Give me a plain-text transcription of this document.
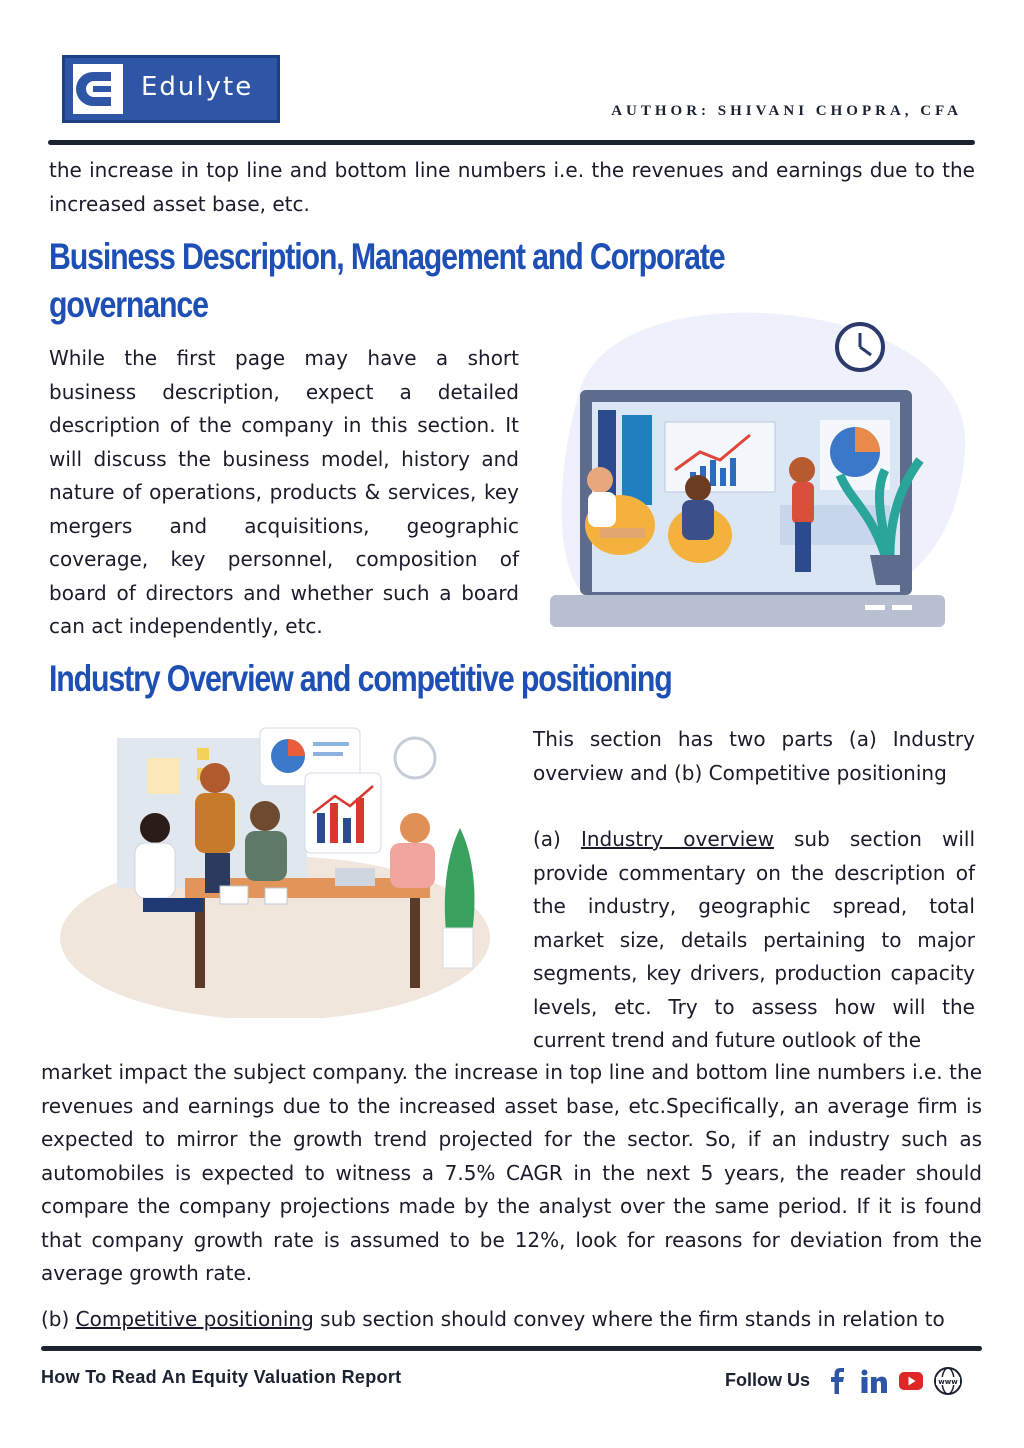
Edulyte
AUTHOR: SHIVANI CHOPRA, CFA

the increase in top line and bottom line numbers i.e. the revenues and earnings due to the increased asset base, etc.

Business Description, Management and Corporate
governance

While the first page may have a short business description, expect a detailed description of the company in this section. It will discuss the business model, history and nature of operations, products & services, key mergers and acquisitions, geographic coverage, key personnel, composition of board of directors and whether such a board can act independently, etc.

Industry Overview and competitive positioning

This section has two parts (a) Industry overview and (b) Competitive positioning

(a) Industry overview sub section will provide commentary on the description of the industry, geographic spread, total market size, details pertaining to major segments, key drivers, production capacity levels, etc. Try to assess how will the current trend and future outlook of the

market impact the subject company. the increase in top line and bottom line numbers i.e. the revenues and earnings due to the increased asset base, etc.Specifically, an average firm is expected to mirror the growth trend projected for the sector. So, if an industry such as automobiles is expected to witness a 7.5% CAGR in the next 5 years, the reader should compare the company projections made by the analyst over the same period. If it is found that company growth rate is assumed to be 12%, look for reasons for deviation from the average growth rate.

(b) Competitive positioning sub section should convey where the firm stands in relation to

How To Read An Equity Valuation Report	Follow Us	www
